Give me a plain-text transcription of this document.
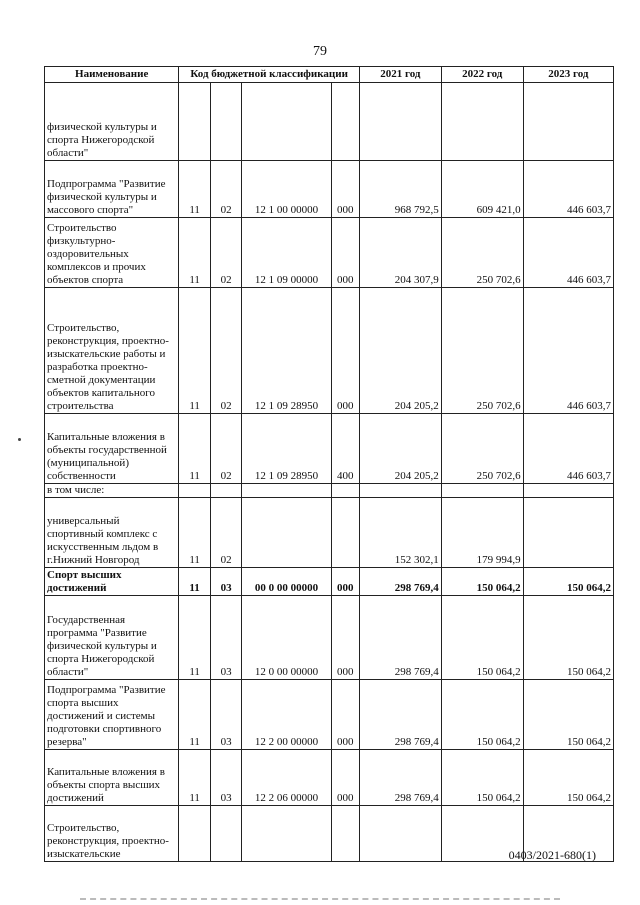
79
Наименование	Код бюджетной классификации				2021 год	2022 год	2023 год
физической культуры и спорта Нижегородской области"							
Подпрограмма "Развитие физической культуры и массового спорта"	11	02	12 1 00 00000	000	968 792,5	609 421,0	446 603,7
Строительство физкультурно-оздоровительных комплексов и прочих объектов спорта	11	02	12 1 09 00000	000	204 307,9	250 702,6	446 603,7
Строительство, реконструкция, проектно-изыскательские работы и разработка проектно-сметной документации объектов капитального строительства	11	02	12 1 09 28950	000	204 205,2	250 702,6	446 603,7
Капитальные вложения в объекты государственной (муниципальной) собственности	11	02	12 1 09 28950	400	204 205,2	250 702,6	446 603,7
в том числе:							
универсальный спортивный комплекс с искусственным льдом в г.Нижний Новгород	11	02			152 302,1	179 994,9	
Спорт высших достижений	11	03	00 0 00 00000	000	298 769,4	150 064,2	150 064,2
Государственная программа "Развитие физической культуры и спорта Нижегородской области"	11	03	12 0 00 00000	000	298 769,4	150 064,2	150 064,2
Подпрограмма "Развитие спорта высших достижений и системы подготовки спортивного резерва"	11	03	12 2 00 00000	000	298 769,4	150 064,2	150 064,2
Капитальные вложения в объекты спорта высших достижений	11	03	12 2 06 00000	000	298 769,4	150 064,2	150 064,2
Строительство, реконструкция, проектно-изыскательские								0403/2021-680(1)
